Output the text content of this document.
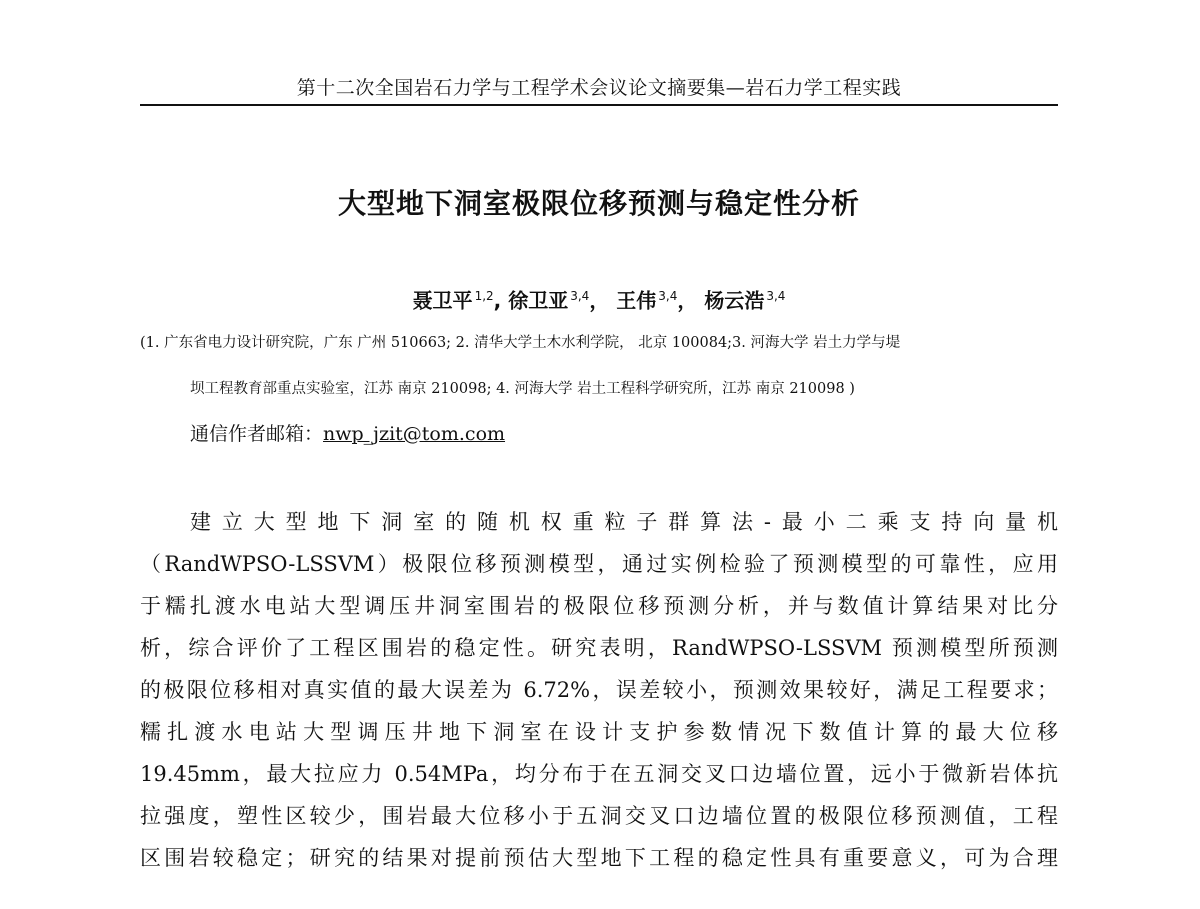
第十二次全国岩石力学与工程学术会议论文摘要集—岩石力学工程实践
大型地下洞室极限位移预测与稳定性分析
聂卫平 $^{1,2}$, 徐卫亚 $^{3,4}$， 王伟 $^{3,4}$， 杨云浩 $^{3,4}$
(1. 广东省电力设计研究院，广东 广州 510663; 2. 清华大学土木水利学院， 北京 100084;3. 河海大学 岩土力学与堤
坝工程教育部重点实验室，江苏 南京 210098; 4. 河海大学 岩土工程科学研究所，江苏 南京 210098 )
通信作者邮箱：nwp_jzit@tom.com
建立大型地下洞室的随机权重粒子群算法-最小二乘支持向量机
（RandWPSO-LSSVM）极限位移预测模型，通过实例检验了预测模型的可靠性，应用
于糯扎渡水电站大型调压井洞室围岩的极限位移预测分析，并与数值计算结果对比分
析，综合评价了工程区围岩的稳定性。研究表明，RandWPSO-LSSVM 预测模型所预测
的极限位移相对真实值的最大误差为 6.72%，误差较小，预测效果较好，满足工程要求；
糯扎渡水电站大型调压井地下洞室在设计支护参数情况下数值计算的最大位移
19.45mm，最大拉应力 0.54MPa，均分布于在五洞交叉口边墙位置，远小于微新岩体抗
拉强度，塑性区较少，围岩最大位移小于五洞交叉口边墙位置的极限位移预测值，工程
区围岩较稳定；研究的结果对提前预估大型地下工程的稳定性具有重要意义，可为合理
